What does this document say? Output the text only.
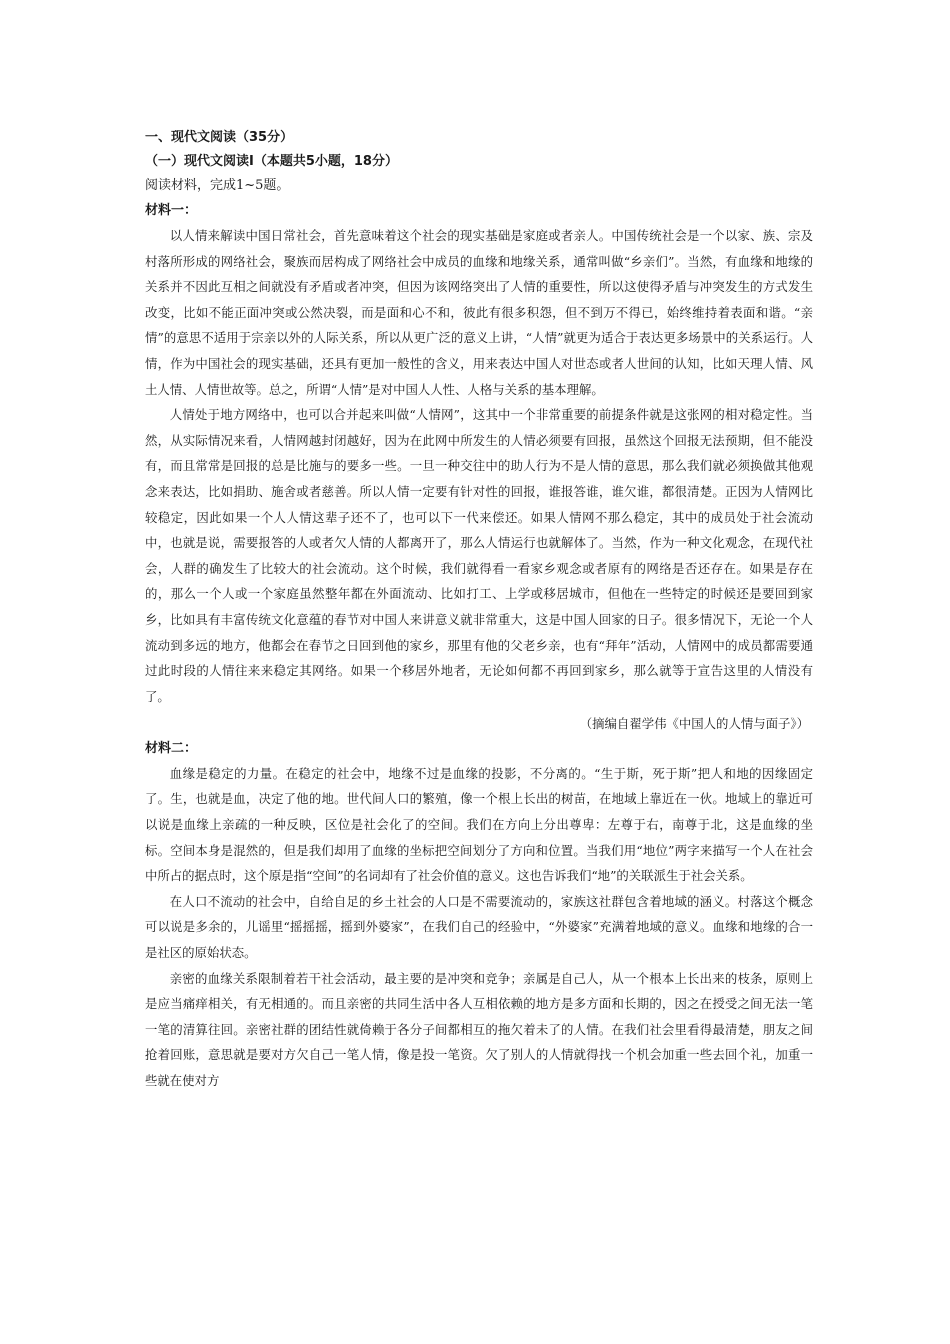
一、现代文阅读（35分）

（一）现代文阅读Ⅰ（本题共5小题，18分）

阅读材料，完成1~5题。

材料一：

以人情来解读中国日常社会，首先意味着这个社会的现实基础是家庭或者亲人。中国传统社会是一个以家、族、宗及村落所形成的网络社会，聚族而居构成了网络社会中成员的血缘和地缘关系，通常叫做“乡亲们”。当然，有血缘和地缘的关系并不因此互相之间就没有矛盾或者冲突，但因为该网络突出了人情的重要性，所以这使得矛盾与冲突发生的方式发生改变，比如不能正面冲突或公然决裂，而是面和心不和，彼此有很多积怨，但不到万不得已，始终维持着表面和谐。“亲情”的意思不适用于宗亲以外的人际关系，所以从更广泛的意义上讲，“人情”就更为适合于表达更多场景中的关系运行。人情，作为中国社会的现实基础，还具有更加一般性的含义，用来表达中国人对世态或者人世间的认知，比如天理人情、风土人情、人情世故等。总之，所谓“人情”是对中国人人性、人格与关系的基本理解。

人情处于地方网络中，也可以合并起来叫做“人情网”，这其中一个非常重要的前提条件就是这张网的相对稳定性。当然，从实际情况来看，人情网越封闭越好，因为在此网中所发生的人情必须要有回报，虽然这个回报无法预期，但不能没有，而且常常是回报的总是比施与的要多一些。一旦一种交往中的助人行为不是人情的意思，那么我们就必须换做其他观念来表达，比如捐助、施舍或者慈善。所以人情一定要有针对性的回报，谁报答谁，谁欠谁，都很清楚。正因为人情网比较稳定，因此如果一个人人情这辈子还不了，也可以下一代来偿还。如果人情网不那么稳定，其中的成员处于社会流动中，也就是说，需要报答的人或者欠人情的人都离开了，那么人情运行也就解体了。当然，作为一种文化观念，在现代社会，人群的确发生了比较大的社会流动。这个时候，我们就得看一看家乡观念或者原有的网络是否还存在。如果是存在的，那么一个人或一个家庭虽然整年都在外面流动、比如打工、上学或移居城市，但他在一些特定的时候还是要回到家乡，比如具有丰富传统文化意蕴的春节对中国人来讲意义就非常重大，这是中国人回家的日子。很多情况下，无论一个人流动到多远的地方，他都会在春节之日回到他的家乡，那里有他的父老乡亲，也有“拜年”活动，人情网中的成员都需要通过此时段的人情往来来稳定其网络。如果一个移居外地者，无论如何都不再回到家乡，那么就等于宣告这里的人情没有了。

（摘编自翟学伟《中国人的人情与面子》）

材料二：

血缘是稳定的力量。在稳定的社会中，地缘不过是血缘的投影，不分离的。“生于斯，死于斯”把人和地的因缘固定了。生，也就是血，决定了他的地。世代间人口的繁殖，像一个根上长出的树苗，在地域上靠近在一伙。地域上的靠近可以说是血缘上亲疏的一种反映，区位是社会化了的空间。我们在方向上分出尊卑：左尊于右，南尊于北，这是血缘的坐标。空间本身是混然的，但是我们却用了血缘的坐标把空间划分了方向和位置。当我们用“地位”两字来描写一个人在社会中所占的据点时，这个原是指“空间”的名词却有了社会价值的意义。这也告诉我们“地”的关联派生于社会关系。

在人口不流动的社会中，自给自足的乡土社会的人口是不需要流动的，家族这社群包含着地域的涵义。村落这个概念可以说是多余的，儿谣里“摇摇摇，摇到外婆家”，在我们自己的经验中，“外婆家”充满着地域的意义。血缘和地缘的合一是社区的原始状态。

亲密的血缘关系限制着若干社会活动，最主要的是冲突和竞争；亲属是自己人，从一个根本上长出来的枝条，原则上是应当痛痒相关，有无相通的。而且亲密的共同生活中各人互相依赖的地方是多方面和长期的，因之在授受之间无法一笔一笔的清算往回。亲密社群的团结性就倚赖于各分子间都相互的拖欠着未了的人情。在我们社会里看得最清楚，朋友之间抢着回账，意思就是要对方欠自己一笔人情，像是投一笔资。欠了别人的人情就得找一个机会加重一些去回个礼，加重一些就在使对方
